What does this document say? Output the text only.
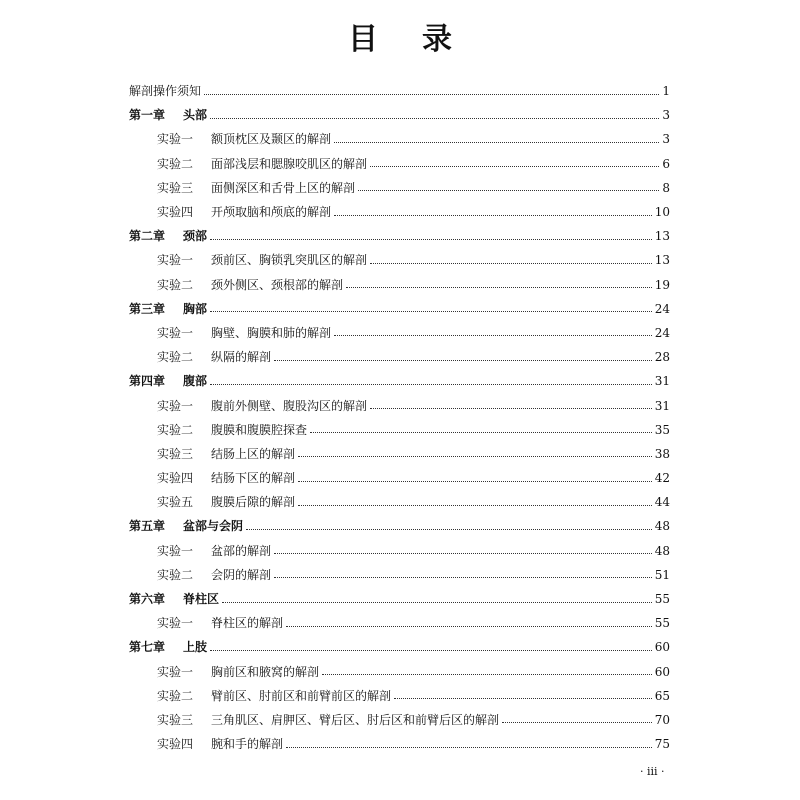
目 录
解剖操作须知	1
第一章	头部	3
实验一	额顶枕区及颞区的解剖	3
实验二	面部浅层和腮腺咬肌区的解剖	6
实验三	面侧深区和舌骨上区的解剖	8
实验四	开颅取脑和颅底的解剖	10
第二章	颈部	13
实验一	颈前区、胸锁乳突肌区的解剖	13
实验二	颈外侧区、颈根部的解剖	19
第三章	胸部	24
实验一	胸壁、胸膜和肺的解剖	24
实验二	纵隔的解剖	28
第四章	腹部	31
实验一	腹前外侧壁、腹股沟区的解剖	31
实验二	腹膜和腹膜腔探查	35
实验三	结肠上区的解剖	38
实验四	结肠下区的解剖	42
实验五	腹膜后隙的解剖	44
第五章	盆部与会阴	48
实验一	盆部的解剖	48
实验二	会阴的解剖	51
第六章	脊柱区	55
实验一	脊柱区的解剖	55
第七章	上肢	60
实验一	胸前区和腋窝的解剖	60
实验二	臂前区、肘前区和前臂前区的解剖	65
实验三	三角肌区、肩胛区、臂后区、肘后区和前臂后区的解剖	70
实验四	腕和手的解剖	75
· iii ·
